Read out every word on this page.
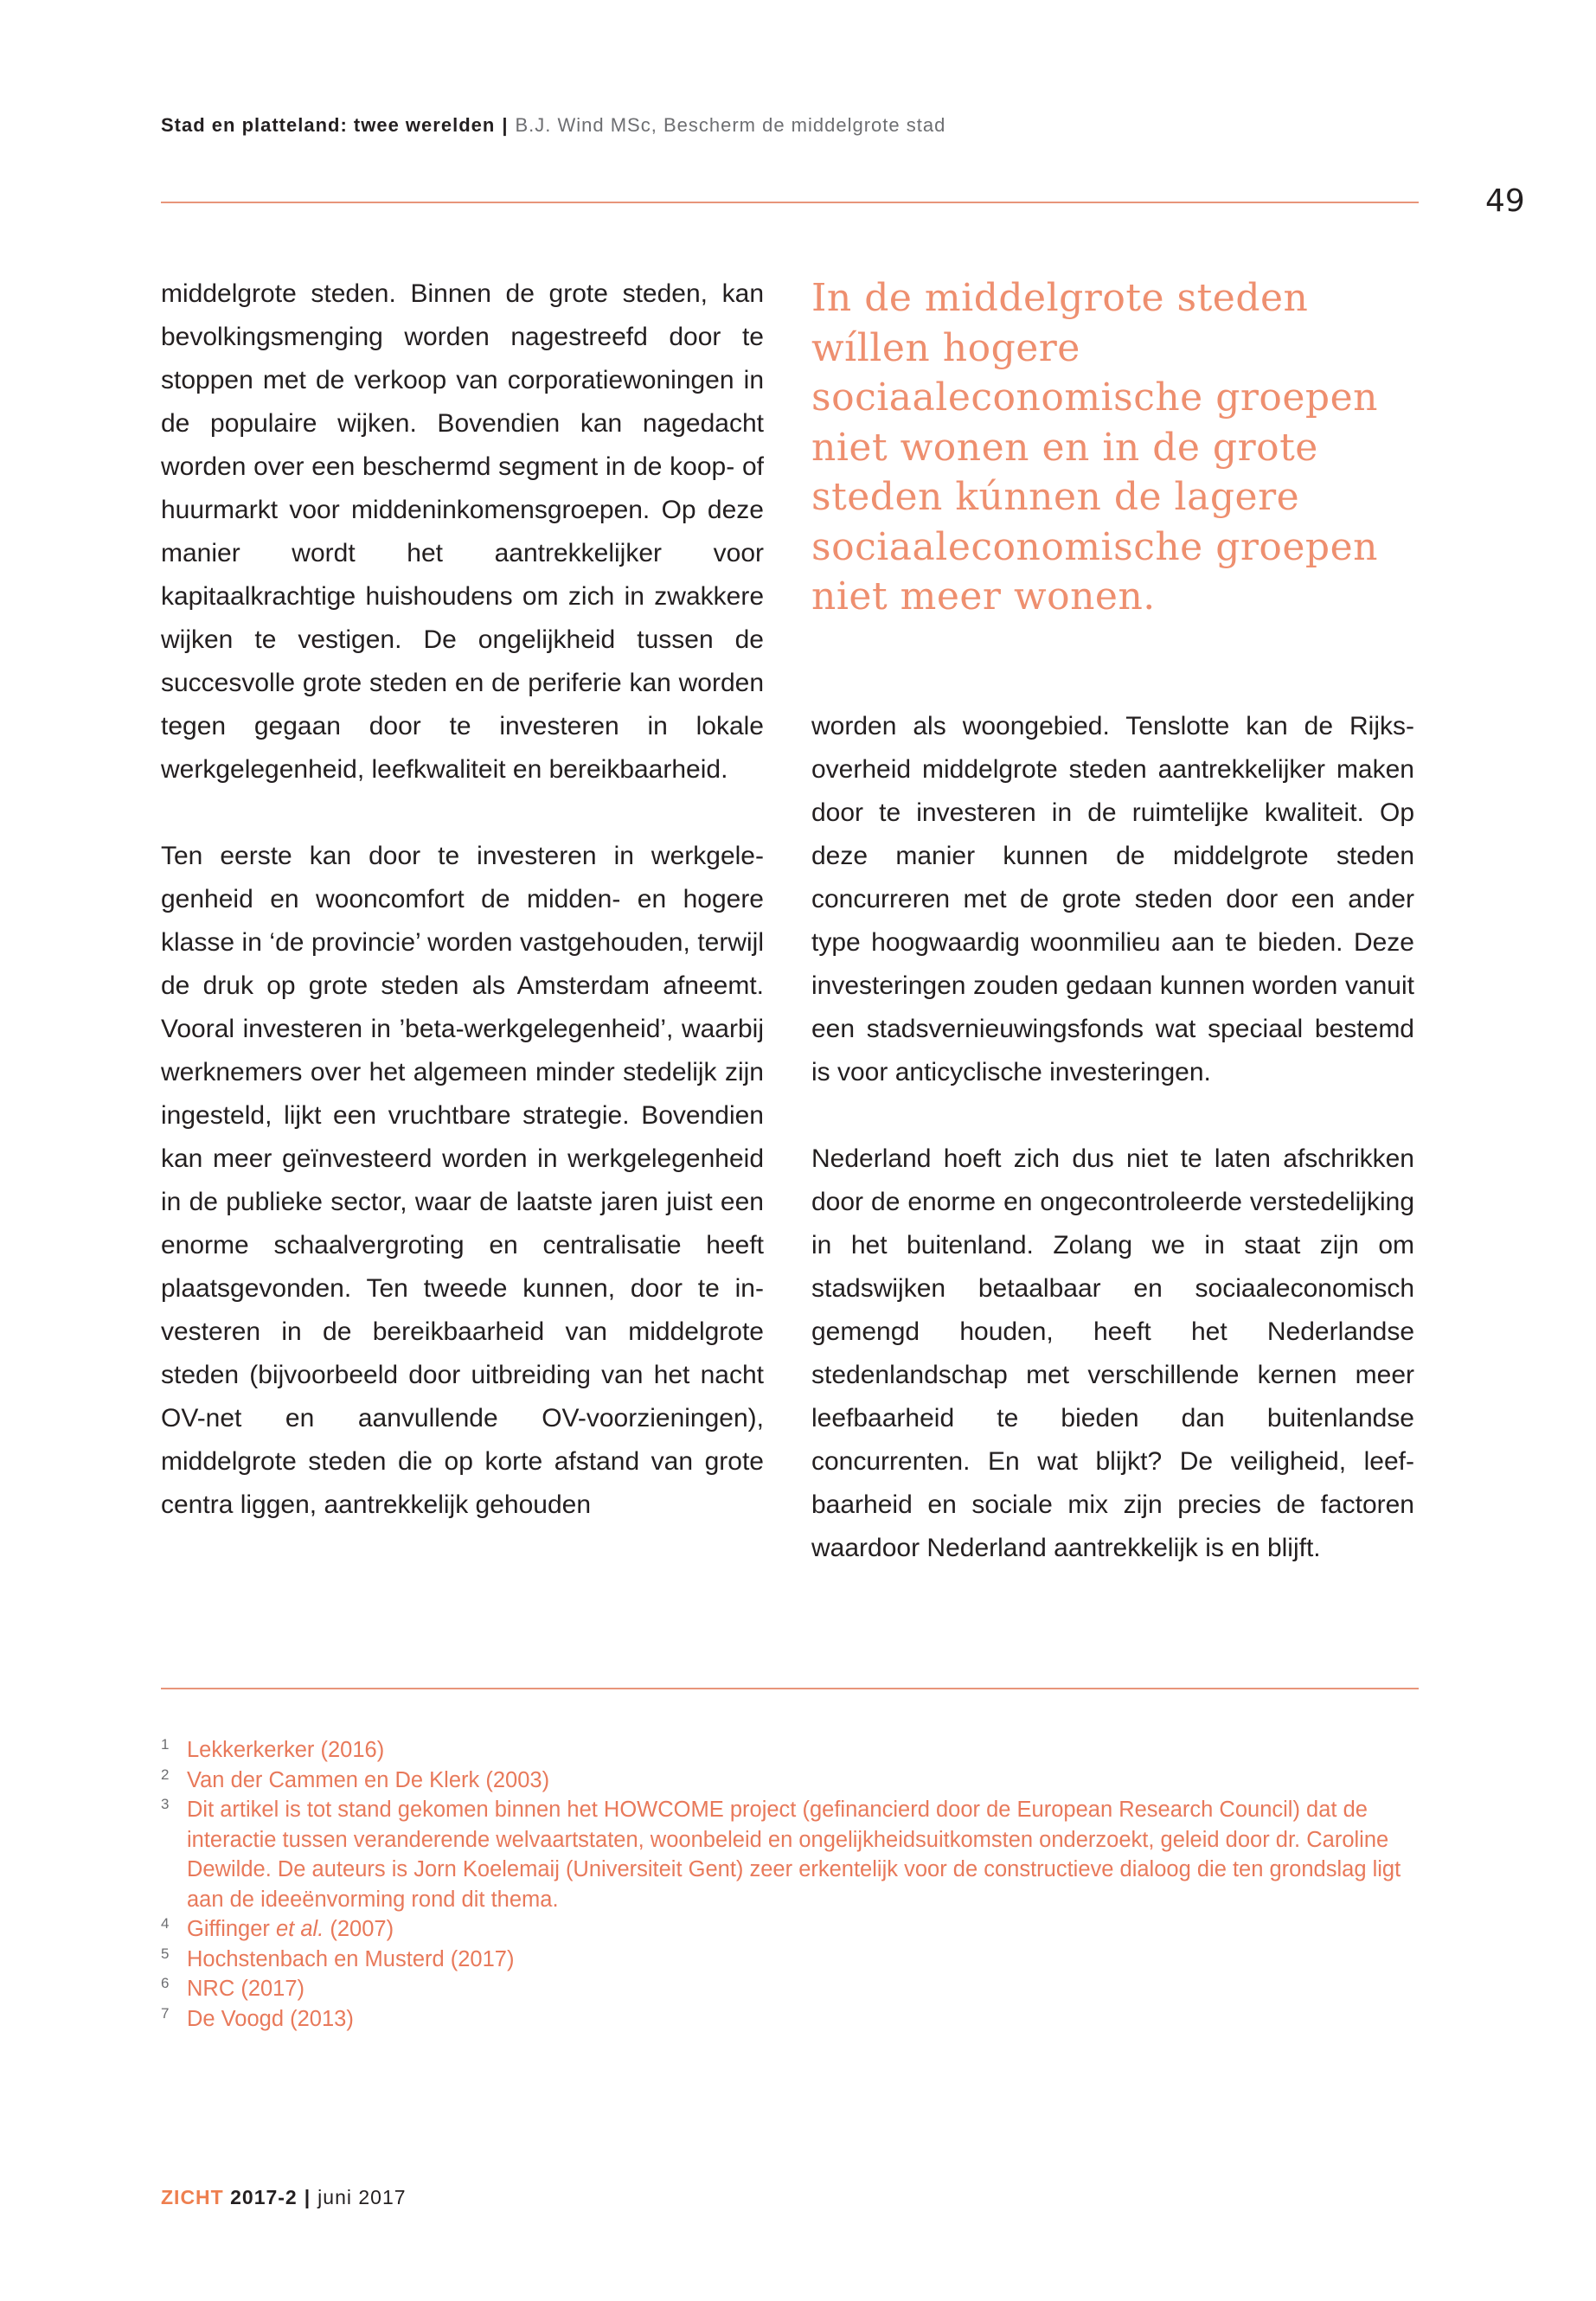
Stad en platteland: twee werelden | B.J. Wind MSc, Bescherm de middelgrote stad
49

middelgrote steden. Binnen de grote steden, kan bevolkingsmenging worden nagestreefd door te stoppen met de verkoop van corporatiewoningen in de populaire wijken. Bovendien kan nagedacht worden over een beschermd segment in de koop- of huurmarkt voor middeninkomensgroepen. Op deze manier wordt het aantrekkelijker voor kapitaalkrachtige huishoudens om zich in zwakkere wijken te vestigen. De ongelijkheid tussen de succesvolle grote steden en de periferie kan worden tegen gegaan door te investeren in lokale werkgelegenheid, leefkwaliteit en bereikbaarheid.

Ten eerste kan door te investeren in werkgelegenheid en wooncomfort de midden- en hogere klasse in ‘de provincie’ worden vastgehouden, terwijl de druk op grote steden als Amsterdam afneemt. Vooral investeren in ’beta-werkgelegenheid’, waarbij werknemers over het algemeen minder stedelijk zijn ingesteld, lijkt een vruchtbare strategie. Bovendien kan meer geïnvesteerd worden in werkgelegenheid in de publieke sector, waar de laatste jaren juist een enorme schaalvergroting en centralisatie heeft plaatsgevonden. Ten tweede kunnen, door te investeren in de bereikbaarheid van middelgrote steden (bijvoorbeeld door uitbreiding van het nacht OV-net en aanvullende OV-voorzieningen), middelgrote steden die op korte afstand van grote centra liggen, aantrekkelijk gehouden

In de middelgrote steden wíllen hogere sociaaleconomische groepen niet wonen en in de grote steden kúnnen de lagere sociaaleconomische groepen niet meer wonen.

worden als woongebied. Tenslotte kan de Rijksoverheid middelgrote steden aantrekkelijker maken door te investeren in de ruimtelijke kwaliteit. Op deze manier kunnen de middelgrote steden concurreren met de grote steden door een ander type hoogwaardig woonmilieu aan te bieden. Deze investeringen zouden gedaan kunnen worden vanuit een stadsvernieuwingsfonds wat speciaal bestemd is voor anticyclische investeringen.

Nederland hoeft zich dus niet te laten afschrikken door de enorme en ongecontroleerde verstedelijking in het buitenland. Zolang we in staat zijn om stadswijken betaalbaar en sociaaleconomisch gemengd houden, heeft het Nederlandse stedenlandschap met verschillende kernen meer leefbaarheid te bieden dan buitenlandse concurrenten. En wat blijkt? De veiligheid, leefbaarheid en sociale mix zijn precies de factoren waardoor Nederland aantrekkelijk is en blijft.

1 Lekkerkerker (2016)
2 Van der Cammen en De Klerk (2003)
3 Dit artikel is tot stand gekomen binnen het HOWCOME project (gefinancierd door de European Research Council) dat de interactie tussen veranderende welvaartstaten, woonbeleid en ongelijkheidsuitkomsten onderzoekt, geleid door dr. Caroline Dewilde. De auteurs is Jorn Koelemaij (Universiteit Gent) zeer erkentelijk voor de constructieve dialoog die ten grondslag ligt aan de ideeënvorming rond dit thema.
4 Giffinger et al. (2007)
5 Hochstenbach en Musterd (2017)
6 NRC (2017)
7 De Voogd (2013)
ZICHT 2017-2 | juni 2017
